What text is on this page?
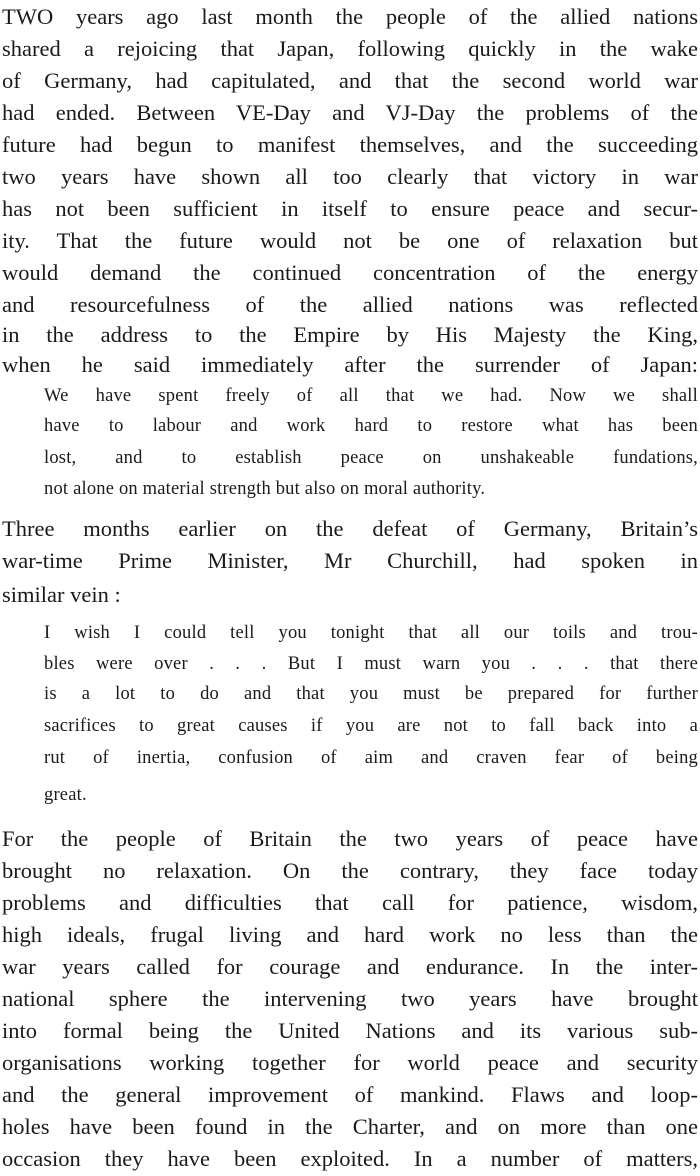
TWO years ago last month the people of the allied nations
shared a rejoicing that Japan, following quickly in the wake
of Germany, had capitulated, and that the second world war
had ended. Between VE-Day and VJ-Day the problems of the
future had begun to manifest themselves, and the succeeding
two years have shown all too clearly that victory in war
has not been sufficient in itself to ensure peace and secur-
ity. That the future would not be one of relaxation but
would demand the continued concentration of the energy
and resourcefulness of the allied nations was reflected
in the address to the Empire by His Majesty the King,
when he said immediately after the surrender of Japan:
We have spent freely of all that we had. Now we shall
have to labour and work hard to restore what has been
lost, and to establish peace on unshakeable fundations,
not alone on material strength but also on moral authority.
Three months earlier on the defeat of Germany, Britain’s
war-time Prime Minister, Mr Churchill, had spoken in
similar vein :
I wish I could tell you tonight that all our toils and trou-
bles were over . . . But I must warn you . . . that there
is a lot to do and that you must be prepared for further
sacrifices to great causes if you are not to fall back into a
rut of inertia, confusion of aim and craven fear of being
great.
For the people of Britain the two years of peace have
brought no relaxation. On the contrary, they face today
problems and difficulties that call for patience, wisdom,
high ideals, frugal living and hard work no less than the
war years called for courage and endurance. In the inter-
national sphere the intervening two years have brought
into formal being the United Nations and its various sub-
organisations working together for world peace and security
and the general improvement of mankind. Flaws and loop-
holes have been found in the Charter, and on more than one
occasion they have been exploited. In a number of matters,
